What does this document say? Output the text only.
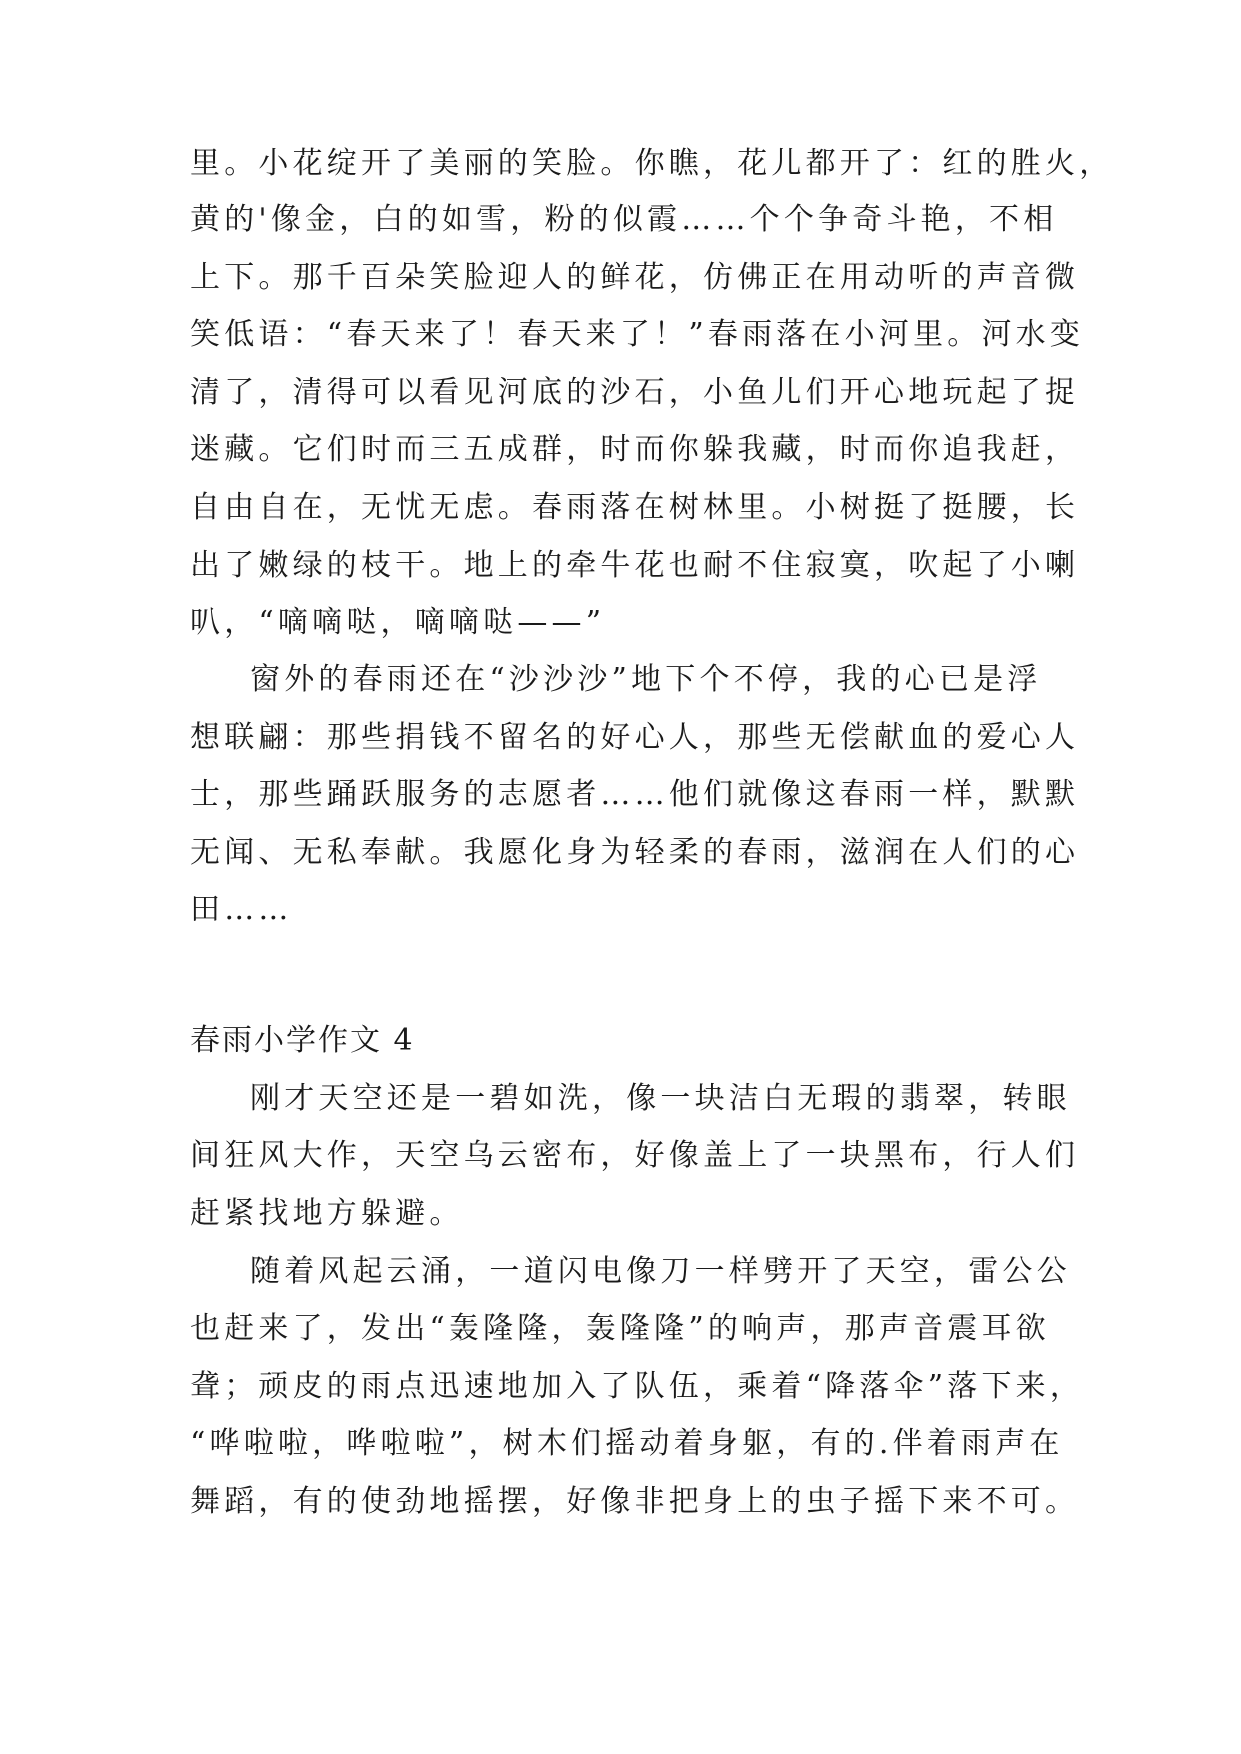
里。小花绽开了美丽的笑脸。你瞧，花儿都开了：红的胜火，
黄的'像金，白的如雪，粉的似霞……个个争奇斗艳，不相
上下。那千百朵笑脸迎人的鲜花，仿佛正在用动听的声音微
笑低语：“春天来了！春天来了！”春雨落在小河里。河水变
清了，清得可以看见河底的沙石，小鱼儿们开心地玩起了捉
迷藏。它们时而三五成群，时而你躲我藏，时而你追我赶，
自由自在，无忧无虑。春雨落在树林里。小树挺了挺腰，长
出了嫩绿的枝干。地上的牵牛花也耐不住寂寞，吹起了小喇
叭，“嘀嘀哒，嘀嘀哒——”
窗外的春雨还在“沙沙沙”地下个不停，我的心已是浮
想联翩：那些捐钱不留名的好心人，那些无偿献血的爱心人
士，那些踊跃服务的志愿者……他们就像这春雨一样，默默
无闻、无私奉献。我愿化身为轻柔的春雨，滋润在人们的心
田……
春雨小学作文 4
刚才天空还是一碧如洗，像一块洁白无瑕的翡翠，转眼
间狂风大作，天空乌云密布，好像盖上了一块黑布，行人们
赶紧找地方躲避。
随着风起云涌，一道闪电像刀一样劈开了天空，雷公公
也赶来了，发出“轰隆隆，轰隆隆”的响声，那声音震耳欲
聋；顽皮的雨点迅速地加入了队伍，乘着“降落伞”落下来，
“哗啦啦，哗啦啦”，树木们摇动着身躯，有的.伴着雨声在
舞蹈，有的使劲地摇摆，好像非把身上的虫子摇下来不可。
